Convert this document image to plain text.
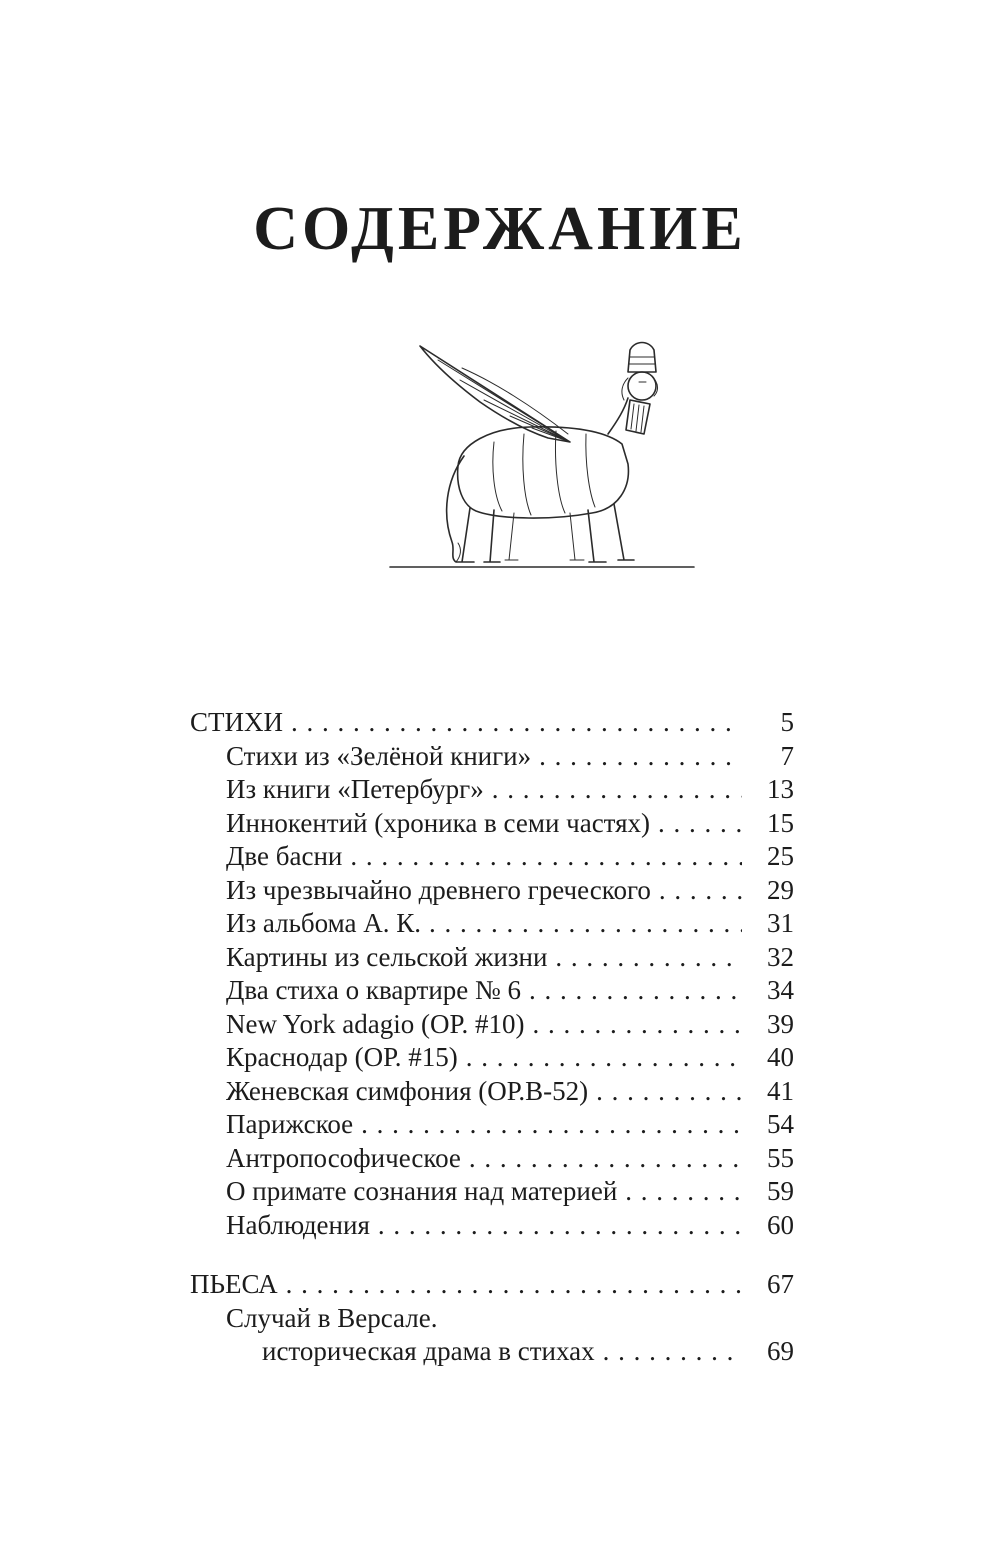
СОДЕРЖАНИЕ
СТИХИ . . .	5
Стихи из «Зелёной книги» . . .	7
Из книги «Петербург» . . .	13
Иннокентий (хроника в семи частях) . . .	15
Две басни . . .	25
Из чрезвычайно древнего греческого . . .	29
Из альбома А. К. . . .	31
Картины из сельской жизни . . .	32
Два стиха о квартире № 6 . . .	34
New York adagio (OP. #10) . . .	39
Краснодар (ОР. #15) . . .	40
Женевская симфония (ОР.В-52) . . .	41
Парижское . . .	54
Антропософическое . . .	55
О примате сознания над материей . . .	59
Наблюдения . . .	60
ПЬЕСА . . .	67
Случай в Версале.
историческая драма в стихах . . .	69
